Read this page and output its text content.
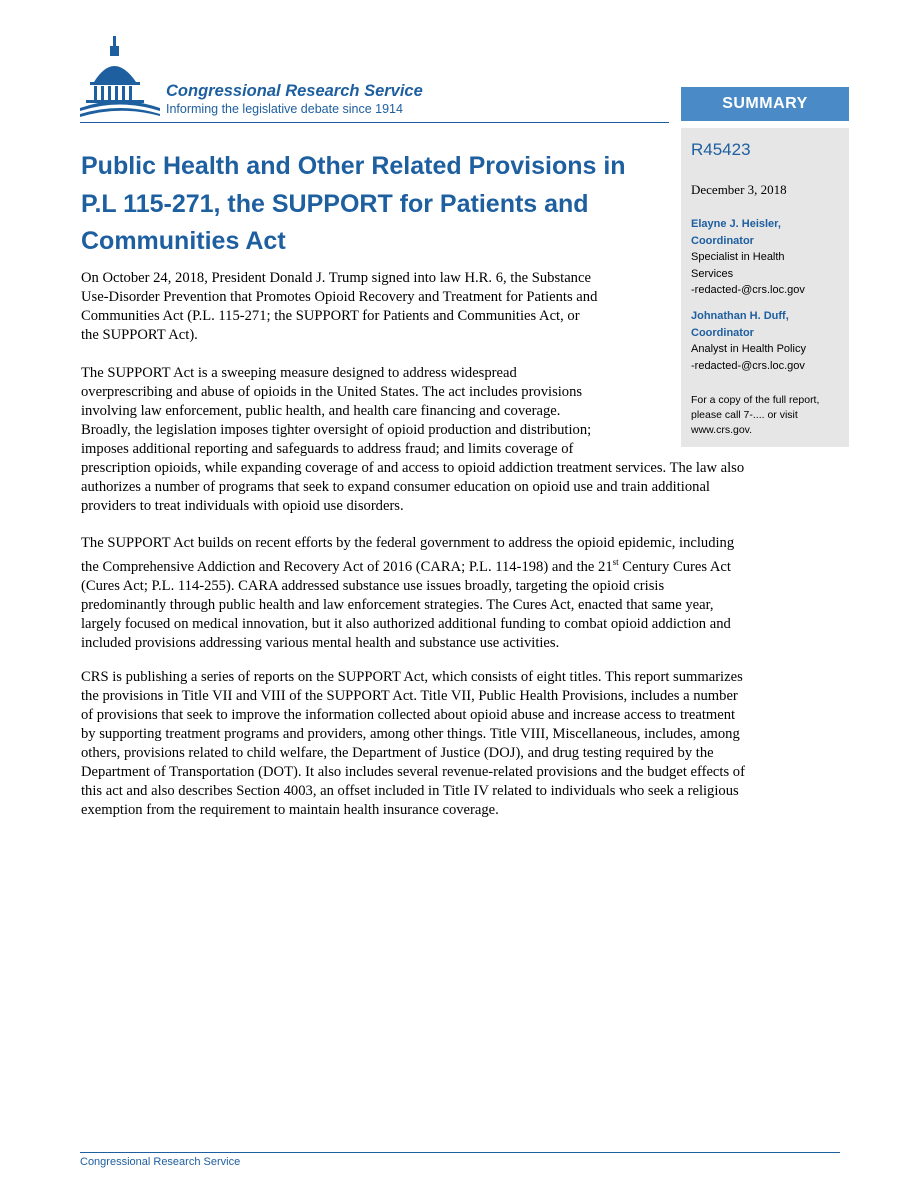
Congressional Research Service
Informing the legislative debate since 1914	SUMMARY
R45423
December 3, 2018
Elayne J. Heisler,
Coordinator
Specialist in Health
Services
-redacted-@crs.loc.gov
Johnathan H. Duff,
Coordinator
Analyst in Health Policy
-redacted-@crs.loc.gov
For a copy of the full report,
please call 7-.... or visit
www.crs.gov.
Public Health and Other Related Provisions in
P.L 115-271, the SUPPORT for Patients and
Communities Act
On October 24, 2018, President Donald J. Trump signed into law H.R. 6, the Substance
Use-Disorder Prevention that Promotes Opioid Recovery and Treatment for Patients and
Communities Act (P.L. 115-271; the SUPPORT for Patients and Communities Act, or
the SUPPORT Act).
The SUPPORT Act is a sweeping measure designed to address widespread
overprescribing and abuse of opioids in the United States. The act includes provisions
involving law enforcement, public health, and health care financing and coverage.
Broadly, the legislation imposes tighter oversight of opioid production and distribution;
imposes additional reporting and safeguards to address fraud; and limits coverage of
prescription opioids, while expanding coverage of and access to opioid addiction treatment services. The law also
authorizes a number of programs that seek to expand consumer education on opioid use and train additional
providers to treat individuals with opioid use disorders.
The SUPPORT Act builds on recent efforts by the federal government to address the opioid epidemic, including
the Comprehensive Addiction and Recovery Act of 2016 (CARA; P.L. 114-198) and the 21st Century Cures Act
(Cures Act; P.L. 114-255). CARA addressed substance use issues broadly, targeting the opioid crisis
predominantly through public health and law enforcement strategies. The Cures Act, enacted that same year,
largely focused on medical innovation, but it also authorized additional funding to combat opioid addiction and
included provisions addressing various mental health and substance use activities.
CRS is publishing a series of reports on the SUPPORT Act, which consists of eight titles. This report summarizes
the provisions in Title VII and VIII of the SUPPORT Act. Title VII, Public Health Provisions, includes a number
of provisions that seek to improve the information collected about opioid abuse and increase access to treatment
by supporting treatment programs and providers, among other things. Title VIII, Miscellaneous, includes, among
others, provisions related to child welfare, the Department of Justice (DOJ), and drug testing required by the
Department of Transportation (DOT). It also includes several revenue-related provisions and the budget effects of
this act and also describes Section 4003, an offset included in Title IV related to individuals who seek a religious
exemption from the requirement to maintain health insurance coverage.
Congressional Research Service
